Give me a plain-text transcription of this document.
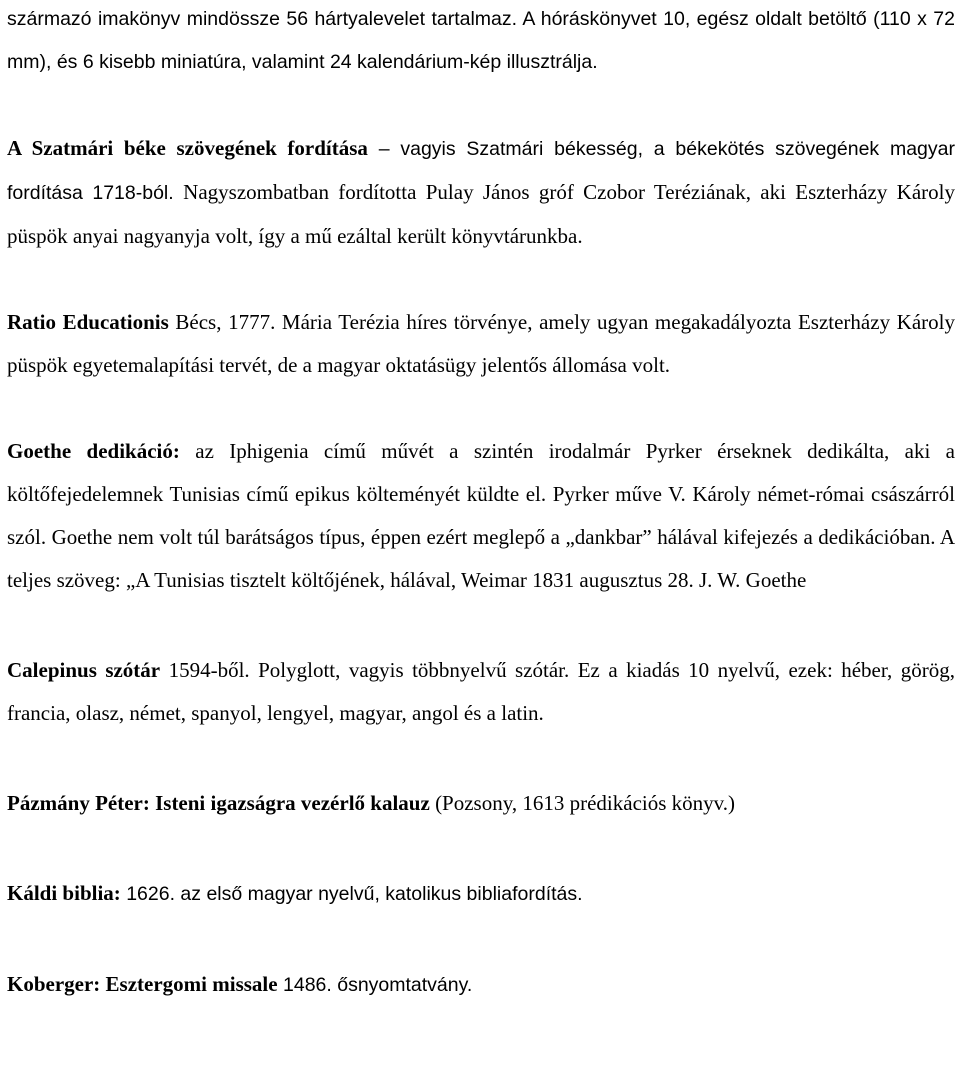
származó imakönyv mindössze 56 hártyalevelet tartalmaz. A hóráskönyvet 10, egész oldalt betöltő (110 x 72 mm), és 6 kisebb miniatúra, valamint 24 kalendárium-kép illusztrálja.

A Szatmári béke szövegének fordítása – vagyis Szatmári békesség, a békekötés szövegének magyar fordítása 1718-ból. Nagyszombatban fordította Pulay János gróf Czobor Teréziának, aki Eszterházy Károly püspök anyai nagyanyja volt, így a mű ezáltal került könyvtárunkba.

Ratio Educationis Bécs, 1777. Mária Terézia híres törvénye, amely ugyan megakadályozta Eszterházy Károly püspök egyetemalapítási tervét, de a magyar oktatásügy jelentős állomása volt.

Goethe dedikáció: az Iphigenia című művét a szintén irodalmár Pyrker érseknek dedikálta, aki a költőfejedelemnek Tunisias című epikus költeményét küldte el. Pyrker műve V. Károly német-római császárról szól. Goethe nem volt túl barátságos típus, éppen ezért meglepő a „dankbar” hálával kifejezés a dedikációban. A teljes szöveg: „A Tunisias tisztelt költőjének, hálával, Weimar 1831 augusztus 28. J. W. Goethe

Calepinus szótár 1594-ből. Polyglott, vagyis többnyelvű szótár. Ez a kiadás 10 nyelvű, ezek: héber, görög, francia, olasz, német, spanyol, lengyel, magyar, angol és a latin.

Pázmány Péter: Isteni igazságra vezérlő kalauz (Pozsony, 1613 prédikációs könyv.)

Káldi biblia: 1626. az első magyar nyelvű, katolikus bibliafordítás.

Koberger: Esztergomi missale 1486. ősnyomtatvány.
